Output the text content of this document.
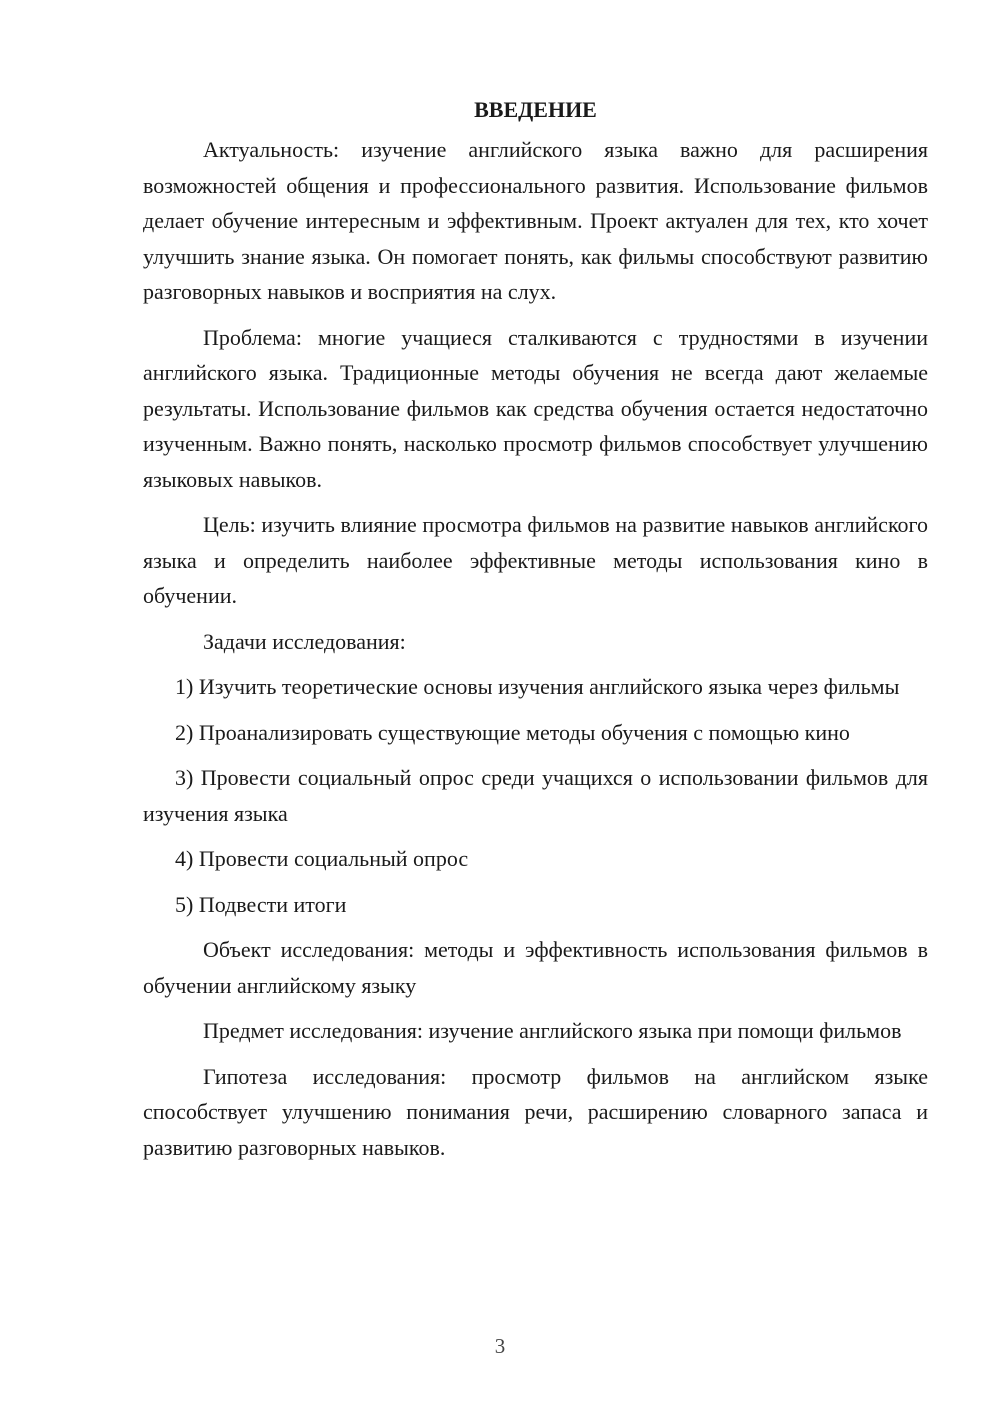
ВВЕДЕНИЕ

Актуальность: изучение английского языка важно для расширения возможностей общения и профессионального развития. Использование фильмов делает обучение интересным и эффективным. Проект актуален для тех, кто хочет улучшить знание языка. Он помогает понять, как фильмы способствуют развитию разговорных навыков и восприятия на слух.

Проблема: многие учащиеся сталкиваются с трудностями в изучении английского языка. Традиционные методы обучения не всегда дают желаемые результаты. Использование фильмов как средства обучения остается недостаточно изученным. Важно понять, насколько просмотр фильмов способствует улучшению языковых навыков.

Цель: изучить влияние просмотра фильмов на развитие навыков английского языка и определить наиболее эффективные методы использования кино в обучении.

Задачи исследования:

1) Изучить теоретические основы изучения английского языка через фильмы

2) Проанализировать существующие методы обучения с помощью кино

3) Провести социальный опрос среди учащихся о использовании фильмов для изучения языка

4) Провести социальный опрос

5) Подвести итоги

Объект исследования: методы и эффективность использования фильмов в обучении английскому языку

Предмет исследования: изучение английского языка при помощи фильмов

Гипотеза исследования: просмотр фильмов на английском языке способствует улучшению понимания речи, расширению словарного запаса и развитию разговорных навыков.

3
